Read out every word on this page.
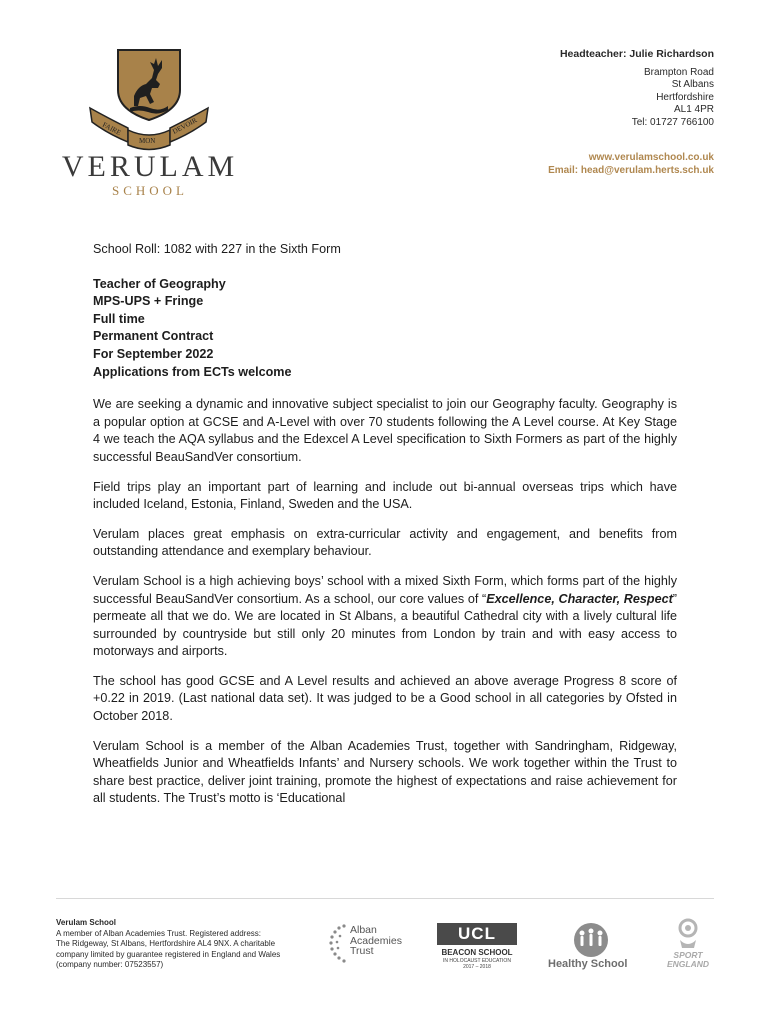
FAIRE
MON
DEVOIR
VERULAM
SCHOOL
Headteacher: Julie Richardson
Brampton Road
St Albans
Hertfordshire
AL1 4PR
Tel: 01727 766100
www.verulamschool.co.uk
Email: head@verulam.herts.sch.uk

School Roll: 1082 with 227 in the Sixth Form

Teacher of Geography
MPS-UPS + Fringe
Full time
Permanent Contract
For September 2022
Applications from ECTs welcome

We are seeking a dynamic and innovative subject specialist to join our Geography faculty. Geography is a popular option at GCSE and A-Level with over 70 students following the A Level course. At Key Stage 4 we teach the AQA syllabus and the Edexcel A Level specification to Sixth Formers as part of the highly successful BeauSandVer consortium.

Field trips play an important part of learning and include out bi-annual overseas trips which have included Iceland, Estonia, Finland, Sweden and the USA.

Verulam places great emphasis on extra-curricular activity and engagement, and benefits from outstanding attendance and exemplary behaviour.

Verulam School is a high achieving boys’ school with a mixed Sixth Form, which forms part of the highly successful BeauSandVer consortium. As a school, our core values of “Excellence, Character, Respect” permeate all that we do. We are located in St Albans, a beautiful Cathedral city with a lively cultural life surrounded by countryside but still only 20 minutes from London by train and with easy access to motorways and airports.

The school has good GCSE and A Level results and achieved an above average Progress 8 score of +0.22 in 2019. (Last national data set). It was judged to be a Good school in all categories by Ofsted in October 2018.

Verulam School is a member of the Alban Academies Trust, together with Sandringham, Ridgeway, Wheatfields Junior and Wheatfields Infants’ and Nursery schools. We work together within the Trust to share best practice, deliver joint training, promote the highest of expectations and raise achievement for all students. The Trust’s motto is ‘Educational

Verulam School
A member of Alban Academies Trust. Registered address:
The Ridgeway, St Albans, Hertfordshire AL4 9NX. A charitable
company limited by guarantee registered in England and Wales
(company number: 07523557)
Alban
Academies
Trust
UCL
BEACON SCHOOL
IN HOLOCAUST EDUCATION
2017 – 2018	Healthy School
SPORT
ENGLAND
